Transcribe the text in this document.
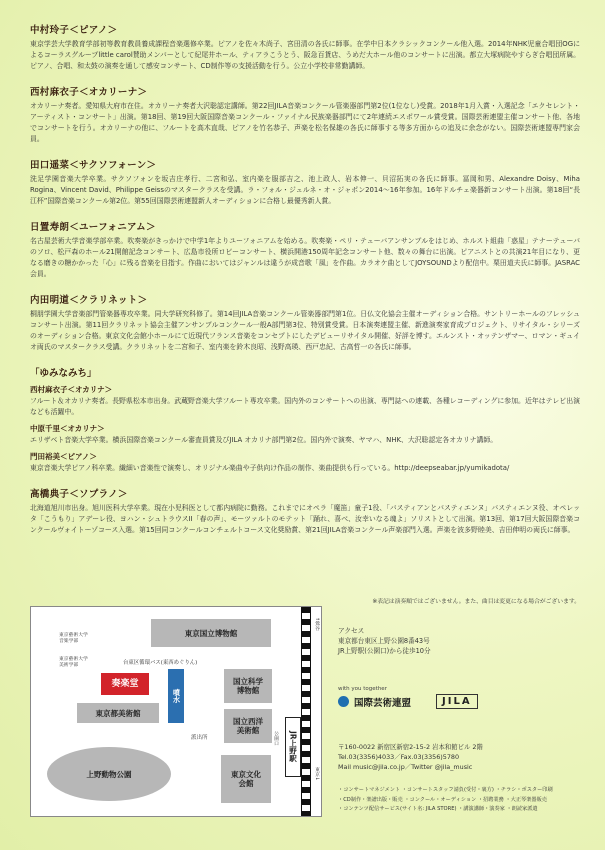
中村玲子＜ピアノ＞

東京学芸大学教育学部初等教育教員養成課程音楽選修卒業。ピアノを佐々木尚子、宮田清の各氏に師事。在学中日本クラシックコンクール他入選。2014年NHK児童合唱団OGによるコーラスグループlittle carol賛助メンバーとして紀尾井ホール、ティアラこうとう、阪急百貨店、うめだ大ホール他のコンサートに出演。都立大塚病院やすらぎ合唱団所属。ピアノ、合唱、和太鼓の演奏を通して感安コンサート、CD制作等の支援活動を行う。公立小学校非常勤講師。

西村麻衣子＜オカリーナ＞

オカリーナ奏者。愛知県大府市在住。オカリーナ奏者大沢聡認定講師。第22回JILA音楽コンクール管楽器部門第2位(1位なし)受賞。2018年1月入賞・入選記念「エクセレント・アーティスト・コンサート」出演。第18回、第19回大阪国際音楽コンクール・ファイナル民族楽器部門にて2年連続エスポワール賞受賞。国際芸術連盟主催コンサート他、各地でコンサートを行う。オカリーナの他に、フルートを高木直哉、ピアノを竹名恭子、声楽を松名保雄の各氏に師事する等多方面からの追及に余念がない。国際芸術連盟専門家会員。

田口遥菜＜サクソフォーン＞

洗足学園音楽大学卒業。サクソフォンを坂吉庄孝行、二宮和弘、室内楽を服部吉之、池上政人、岩本伸一、貝沼拓実の各氏に師事。冨岡和男、Alexandre Doisy、Miha Rogina、Vincent David、Philippe Geissのマスタークラスを受講。ラ・フォル・ジュルネ・オ・ジャポン2014～16年参加。16年ドルチェ楽器新コンサート出演。第18回“長江杯”国際音楽コンクール第2位。第55回国際芸術連盟新人オーディションに合格し最優秀新人賞。

日置寿朗＜ユーフォニアム＞

名古屋芸術大学音楽学部卒業。吹奏楽がきっかけで中学1年よりユーフォニアムを始める。吹奏楽・ペリ・テューバアンサンブルをはじめ、ホルスト組曲「惑星」テナーテューバのソロ、松戸森のホール21開館記念コンサート、広島市役所ロビーコンサート、横浜開港150周年記念コンサート他、数々の舞台に出演。ピアニストとの共演21年目になり、更なる磨きの糖かかった「心」に残る音楽を目指す。作曲においてはジャンルは違うが成音歌「風」を作曲。カラオケ曲としてJOYSOUNDより配信中。栗田道夫氏に師事。JASRAC会員。

内田明道＜クラリネット＞

桐朋学園大学音楽部門管楽器専攻卒業。同大学研究科修了。第14回JILA音楽コンクール管楽器部門第1位。日仏文化協会主催オーディション合格。サントリーホールのフレッシュコンサート出演。第11回クラリネット協会主催アンサンブルコンクール一般A部門第3位、特別賞受賞。日本演奏連盟主催、新進演奏家育成プロジェクト、リサイタル・シリーズのオーディション合格。東京文化会館小ホールにて近現代フランス音楽をコンセプトにしたデビューリサイタル開催、好評を博す。エルンスト・オッテンザマー、ロマン・ギュイオ両氏のマスタークラス受講。クラリネットを二宮和子、室内楽を鈴木良昭、浅野高瑛、西戸忠紀、古高哲一の各氏に師事。

「ゆみなみち」
西村麻衣子＜オカリナ＞

フルート＆オカリナ奏者。長野県松本市出身。武蔵野音楽大学フルート専攻卒業。国内外のコンサートへの出演、専門誌への連載、各種レコーディングに参加。近年はテレビ出演なども活躍中。

中原千里＜オカリナ＞

エリザベト音楽大学卒業。横浜国際音楽コンクール審査員賞及びJILA オカリナ部門第2位。国内外で演奏、ヤマハ、NHK、大沢聡認定各オカリナ講師。

門田裕美＜ピアノ＞

東京音楽大学ピアノ科卒業。繊細い音楽性で演奏し、オリジナル楽曲や子供向け作品の制作、楽曲提供も行っている。http://deepseabar.jp/yumikadota/

高橋典子＜ソプラノ＞

北海道旭川市出身。旭川医科大学卒業。現在小児科医として都内病院に勤務。これまでにオペラ「魔笛」童子1役、「バスティアンとバスティエンヌ」バスティエンヌ役、オペレッタ「こうもり」アデーレ役、ヨハン・シュトラウスII「春の声」、モーツァルトのモテット「踊れ、喜べ、汝幸いなる魂よ」ソリストとして出演。第13回、第17回大阪国際音楽コンクールヴォイトーゾコース入選。第15回同コンクールコンチェルトコース文化奨励賞、第21回JILA音楽コンクール声楽部門入選。声楽を波多野睦美、吉田伸明の両氏に師事。

※表記は演奏順ではございません。また、曲目は変更になる場合がございます。
東京国立博物館
東京藝術大学
音楽学部
東京藝術大学
美術学部	台東区循環バス(東西めぐりん)
奏楽堂
東京都美術館
噴水
国立科学
博物館
国立西洋
美術館
派出所
上野動物公園	東京文化
会館
JR上野駅
公園口
↑鶯谷
東京↓
アクセス
東京都台東区上野公園8番43号
JR上野駅(公園口)から徒歩10分
with you together
国際芸術連盟	JILA
〒160-0022 新宿区新宿2-15-2 岩本和館ビル 2階
Tel.03(3356)4033／Fax.03(3356)5780
Mail music@jila.co.jp／Twitter @jila_music
・コンサートマネジメント ・コンサートスタッフ請負(受付・裏方) ・チラシ・ポスター印刷
・CD制作・楽譜出版・販売 ・コンクール・オーディション ・招聘業務 ・大正琴楽器販売
・コンテンツ配信サービス(サイト名: JILA STORE) ・講演講師・演奏家 ・朗読家派遣
